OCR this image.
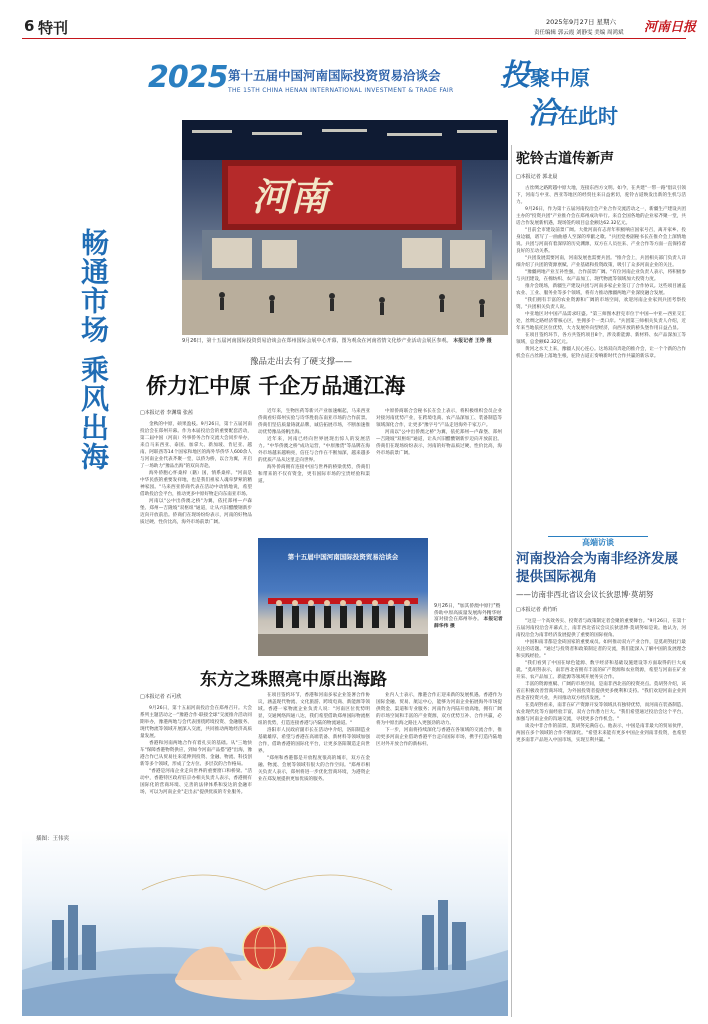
6 特刊	2025年9月27日 星期六
责任编辑 郭云霞 刘静雯 美编 周鸿斌 河南日报
2025 第十五届中国河南国际投资贸易洽谈会
THE 15TH CHINA HENAN INTERNATIONAL INVESTMENT & TRADE FAIR 投聚中原
洽在此时
畅通市场 乘风出海
河南
9月26日，第十五届河南国际投资贸易洽谈会在郑州国际会展中心开幕，图为观众在河南省情文化炒产业活动会展区参观。 本报记者 王铮 摄
豫品走出去有了硬支撑——
侨力汇中原 千企万品通江海
□本报记者 李渊瑞 张茜

金秋的中原，硕果盈枝。9月26日，第十五届河南投洽会在郑州开幕。作为本届投洽会的重要配套活动，第二届中国（河南）外事侨务合作交流大会同步举办，来自马来西亚、泰国、加拿大、新加坡、肯尼亚、越南、阿联酋等14个国家和地区的海外华侨华人600余人与河南企业代表齐聚一堂，以侨为桥，以合为翼，开启了一场助力"豫品出海"的双向奔赴。

海外侨胞心怀桑梓（籍）国，情系桑梓。"河南是中华民族的重要发祥地，也是我们祖家人魂牵梦萦的精神家园。"马来西亚侨商代表在活动中动情地说，希望借助投洽会平台，推动更多中原好物走向东南亚市场。

河南以"公中出侨澳之桥"为翼，依托郑州—卢森堡、郑州—吉隆坡"双枢纽"通道，让从兴旧醋酸钢新步迈向开放前沿。侨商们在现场纷纷表示，河南的好物品质过硬、性价比高，海外市场前景广阔。

近年来，生物医药等新兴产业加速崛起，马来西亚侨商看好郑州实验与诗华胜翁东南亚市场的合作前景。侨商们坚信质量铸就品牌，诚信拓展市场，不断加速推动优势豫品扬帆出海。

近年来，河南已经向世界展现出惊人的发展活力。"中华侨澳之桥"成功运营，"中原豫货"等品牌在海外市场越来越响亮，信任与合作在不断加深，越来越多的优质产品从这里走向世界。

海外侨商拥有连接中国与世界的桥梁优势，侨商们和带来的不仅有资金，更有国际市场的宝贵经验和渠道。

中原侨商联合会秘书长在会上表示，将积极组织会员企业对接河南优势产业，在跨境电商、农产品深加工、装备制造等领域深化合作，让更多"豫字号"产品走进海外千家万户。

河南以"公中出侨澳之桥"为翼，依托郑州—卢森堡、郑州—吉隆坡"双枢纽"通道，让从兴旧醋酸钢新步迈向开放前沿。侨商们在现场纷纷表示，河南的好物品质过硬、性价比高，海外市场前景广阔。

第十五届中国河南国际投资贸易洽谈会
9月26日，"加其侨澳中原行"暨侨助中原高质量发展海外精华财富对接会在郑州举办。 本报记者 薛华伟 摄
东方之珠照亮中原出海路
□本报记者 石可欣

9月26日，第十五届河南投洽会在郑州召开。大会系列主题活动之一"豫港合作·联接全球"交流推介活动同期举办，豫港两地与会代表围绕跨境投资、金融服务、现代物流等领域开展深入交流，共同推动两地经济高质量发展。

香港和河南两地合作有着扎实的基础。从"三地快车"保障香港物资供应，到如今河南产品搭"港"出海，豫港合作已从贸易往来延伸到投资、金融、物流、科技创新等多个领域，形成了全方位、多层次的合作格局。

"香港是河南企业走向世界的重要窗口和桥梁。"活动中，香港特区政府驻京办相关负责人表示，香港拥有国际化的营商环境、完善的法律体系和发达的金融市场，可以为河南企业"走出去"提供优质的专业服务。

在项目签约环节，香港和河南多家企业签署合作协议，涵盖现代物流、文化旅游、跨境电商、新能源等领域。香港一家物流企业负责人说："河南区位优势明显，交通网络四通八达，我们希望借助郑州国际物流枢纽的优势，打造连接香港与内陆的物流通道。"

洛阳市人民政府副市长在活动中介绍，洛阳制造业基础雄厚，希望与香港在高端装备、新材料等领域加强合作，借助香港的国际化平台，让更多洛阳制造走向世界。

"郑州和香港都是开放程度很高的城市，双方在金融、物流、会展等领域有很大的合作空间。"郑州市相关负责人表示，郑州将进一步优化营商环境，为港资企业在郑发展提供更加优质的服务。

业内人士表示，豫港合作正迎来新的发展机遇。香港作为国际金融、贸易、航运中心，能够为河南企业拓展海外市场提供资金、渠道和专业服务；河南作为内陆开放高地，拥有广阔的市场空间和丰富的产业资源，双方优势互补、合作共赢，必将为中原出海之路注入更强劲的动力。

下一步，河南将持续深化与香港在各领域的交流合作，推动更多河南企业借助香港平台走向国际市场，携手打造内陆地区对外开放合作的新标杆。

插图：王伟宾
驼铃古道传新声
□本报记者 郭北晨

古丝绸之路跨越中原大地，连接东西方文明。如今，在共建"一带一路"倡议引领下，河南与中亚、西亚等地区的经贸往来日益密切，驼铃古道焕发出新的生机与活力。

9月26日，作为第十五届河南投洽会产业合作交流活动之一，新疆生产建设兵团主办的"投资兵团"产业推介会在郑州成功举行。来自全国各地的企业家齐聚一堂，共话合作发展新机遇，现场签约项目总金额达62.32亿元。

"目前全市建设前景广阔。大批河南有志青年积极响应国家号召，离开家乡、投身边疆，谱写了一曲曲感人至深的奉献之歌。"兵团党委副秘书长在推介会上深情地说。兵团与河南有着深厚的历史渊源，双方在人员往来、产业合作等方面一直保持着良好的互动关系。

"兵团发展需要河南，河南发展也需要兵团。"推介会上，兵团相关部门负责人详细介绍了兵团的资源禀赋、产业基础和投资政策，吸引了众多河南企业的关注。

"豫疆两地产业互补性强，合作前景广阔。"有位河南企业负责人表示，将积极参与兵团建设，在棉纺织、农产品加工、现代物流等领域加大投资力度。

推介会现场，新疆生产建设兵团与河南多家企业签订了合作协议。这些项目涵盖农业、工业、服务业等多个领域，将有力推动豫疆两地产业深度融合发展。

"我们拥有丰富的农业资源和广阔的市场空间，欢迎河南企业家到兵团考察投资。"兵团相关负责人说。

中亚地区对中国产品需求旺盛。"第三师图木舒克市位于中国—中亚—西亚交汇处，丝绸之路经济带核心区，坐拥多个一类口岸。"兵团第三师相关负责人介绍，近年来当地依托区位优势，大力发展外向型经济，向西开放的桥头堡作用日益凸显。

在项目签约环节，各方共签约项目8个，涉及新能源、新材料、农产品深加工等领域，总金额62.32亿元。

黄河之水天上来，豫疆人民心连心。这场双向奔赴的推介会，让一个个新的合作机会在古丝路上落地生根，驼铃古道正奏响新时代合作共赢的新乐章。

高端访谈
河南投洽会为南非经济发展提供国际视角
——访南非西北省议会议长狄思博·莫胡努
□本报记者 黄竹昕

"这是一个高效务实、投资者与政策制定者会聚的重要舞台。"9月26日，在第十五届河南投洽会开幕式上，南非西北省议会议长狄思博·莫胡努如是说。他认为，河南投洽会为南非经济发展提供了重要的国际视角。

中国和南非都是金砖国家的重要成员。如何推动双方产业合作，是莫胡努此行最关注的话题。"通过与投资者和政策制定者的交流，我们能深入了解中国的发展理念和实践经验。"

"我们看到了中国在绿色能源、数字经济和基础设施建设等方面取得的巨大成就。"莫胡努表示，南非西北省拥有丰富的矿产资源和农业资源，希望与河南在矿业开采、农产品加工、新能源等领域开展务实合作。

丰富的资源禀赋、广阔的市场空间，是南非西北省的投资亮点。莫胡努介绍，该省正积极改善营商环境，为外国投资者提供更多便利和支持。"我们欢迎河南企业到西北省投资兴业，共同推动双方经济发展。"

在莫胡努看来，南非在矿产资源开发等领域具有独特优势，而河南在装备制造、农业现代化等方面经验丰富，双方合作潜力巨大。"我们希望通过投洽会这个平台，加强与河南企业的沟通交流，寻找更多合作机会。"

谈及中非合作的前景，莫胡努充满信心。他表示，中国是南非最大的贸易伙伴，两国在多个领域的合作不断深化。"希望未来能有更多中国企业到南非投资，也希望更多南非产品进入中国市场，实现互利共赢。"
